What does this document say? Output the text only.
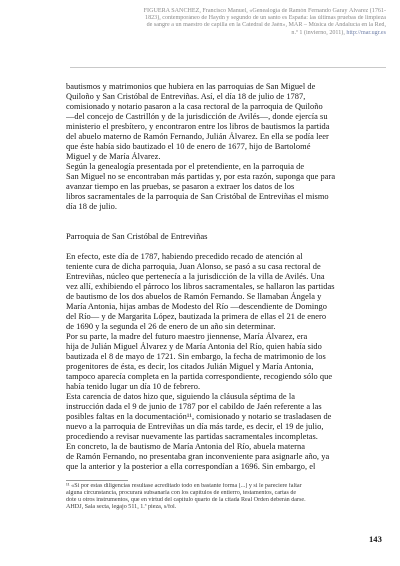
FIGUERA SÁNCHEZ, Francisco Manuel, «Genealogía de Ramón Fernando Garay Álvarez (1761-
1823), contemporáneo de Haydn y segundo de un santo es España: las últimas pruebas de limpieza
de sangre a un maestro de capilla en la Catedral de Jaén», MAR – Música de Andalucía en la Red,
n.º 1 (invierno, 2011), http://mar.ugr.es
bautismos y matrimonios que hubiera en las parroquias de San Miguel de
Quiloño y San Cristóbal de Entreviñas. Así, el día 18 de julio de 1787,
comisionado y notario pasaron a la casa rectoral de la parroquia de Quiloño
—del concejo de Castrillón y de la jurisdicción de Avilés—, donde ejercía su
ministerio el presbítero, y encontraron entre los libros de bautismos la partida
del abuelo materno de Ramón Fernando, Julián Álvarez. En ella se podía leer
que éste había sido bautizado el 10 de enero de 1677, hijo de Bartolomé
Miguel y de María Álvarez.
Según la genealogía presentada por el pretendiente, en la parroquia de
San Miguel no se encontraban más partidas y, por esta razón, suponga que para
avanzar tiempo en las pruebas, se pasaron a extraer los datos de los
libros sacramentales de la parroquia de San Cristóbal de Entreviñas el mismo
día 18 de julio.
Parroquia de San Cristóbal de Entreviñas
En efecto, este día de 1787, habiendo precedido recado de atención al
teniente cura de dicha parroquia, Juan Alonso, se pasó a su casa rectoral de
Entreviñas, núcleo que pertenecía a la jurisdicción de la villa de Avilés. Una
vez allí, exhibiendo el párroco los libros sacramentales, se hallaron las partidas
de bautismo de los dos abuelos de Ramón Fernando. Se llamaban Ángela y
María Antonia, hijas ambas de Modesto del Río —descendiente de Domingo
del Río— y de Margarita López, bautizada la primera de ellas el 21 de enero
de 1690 y la segunda el 26 de enero de un año sin determinar.
Por su parte, la madre del futuro maestro jiennense, María Álvarez, era
hija de Julián Miguel Álvarez y de María Antonia del Río, quien había sido
bautizada el 8 de mayo de 1721. Sin embargo, la fecha de matrimonio de los
progenitores de ésta, es decir, los citados Julián Miguel y María Antonia,
tampoco aparecía completa en la partida correspondiente, recogiendo sólo que
había tenido lugar un día 10 de febrero.
Esta carencia de datos hizo que, siguiendo la cláusula séptima de la
instrucción dada el 9 de junio de 1787 por el cabildo de Jaén referente a las
posibles faltas en la documentación¹¹, comisionado y notario se trasladasen de
nuevo a la parroquia de Entreviñas un día más tarde, es decir, el 19 de julio,
procediendo a revisar nuevamente las partidas sacramentales incompletas.
En concreto, la de bautismo de María Antonia del Río, abuela materna
de Ramón Fernando, no presentaba gran inconveniente para asignarle año, ya
que la anterior y la posterior a ella correspondían a 1696. Sin embargo, el
¹¹ «Si por estas diligencias resultase acreditado todo en bastante forma [...] y si le pareciere faltar
alguna circunstancia, procurará subsanarla con los capítulos de entierro, testamentos, cartas de
dote u otros instrumentos, que en virtud del capítulo quarto de la citada Real Orden deberán darse.
AHDJ, Sala secta, legajo 511, 1.ª pieza, s/fol.
143
